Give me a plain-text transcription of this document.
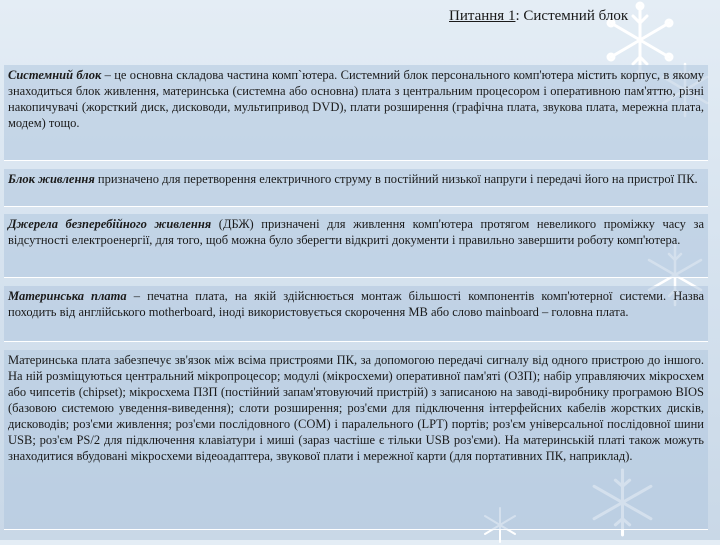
Питання 1: Системний блок
Системний блок – це основна складова частина комп`ютера. Системний блок персонального комп'ютера містить корпус, в якому знаходиться блок живлення, материнська (системна або основна) плата з центральним процесором і оперативною пам'яттю, різні накопичувачі (жорсткий диск, дисководи, мультипривод DVD), плати розширення (графічна плата, звукова плата, мережна плата, модем) тощо.
Блок живлення призначено для перетворення електричного струму в постійний низької напруги і передачі його на пристрої ПК.
Джерела безперебійного живлення (ДБЖ) призначені для живлення комп'ютера протягом невеликого проміжку часу за відсутності електроенергії, для того, щоб можна було зберегти відкриті документи і правильно завершити роботу комп'ютера.
Материнська плата – печатна плата, на якій здійснюється монтаж більшості компонентів комп'ютерної системи. Назва походить від англійського motherboard, іноді використовується скорочення MB або слово mainboard – головна плата.
Материнська плата забезпечує зв'язок між всіма пристроями ПК, за допомогою передачі сигналу від одного пристрою до іншого. На ній розміщуються центральний мікропроцесор; модулі (мікросхеми) оперативної пам'яті (ОЗП); набір управляючих мікросхем або чипсетів (chipset); мікросхема ПЗП (постійний запам'ятовуючий пристрій) з записаною на заводі-виробнику програмою BIOS (базовою системою уведення-виведення); слоти розширення; роз'єми для підключення інтерфейсних кабелів жорстких дисків, дисководів; роз'єми живлення; роз'єми послідовного (COM) і паралельного (LPT) портів; роз'єм універсальної послідовної шини USB; роз'єм PS/2 для підключення клавіатури і миші (зараз частіше є тільки USB роз'єми). На материнській платі також можуть знаходитися вбудовані мікросхеми відеоадаптера, звукової плати і мережної карти (для портативних ПК, наприклад).
